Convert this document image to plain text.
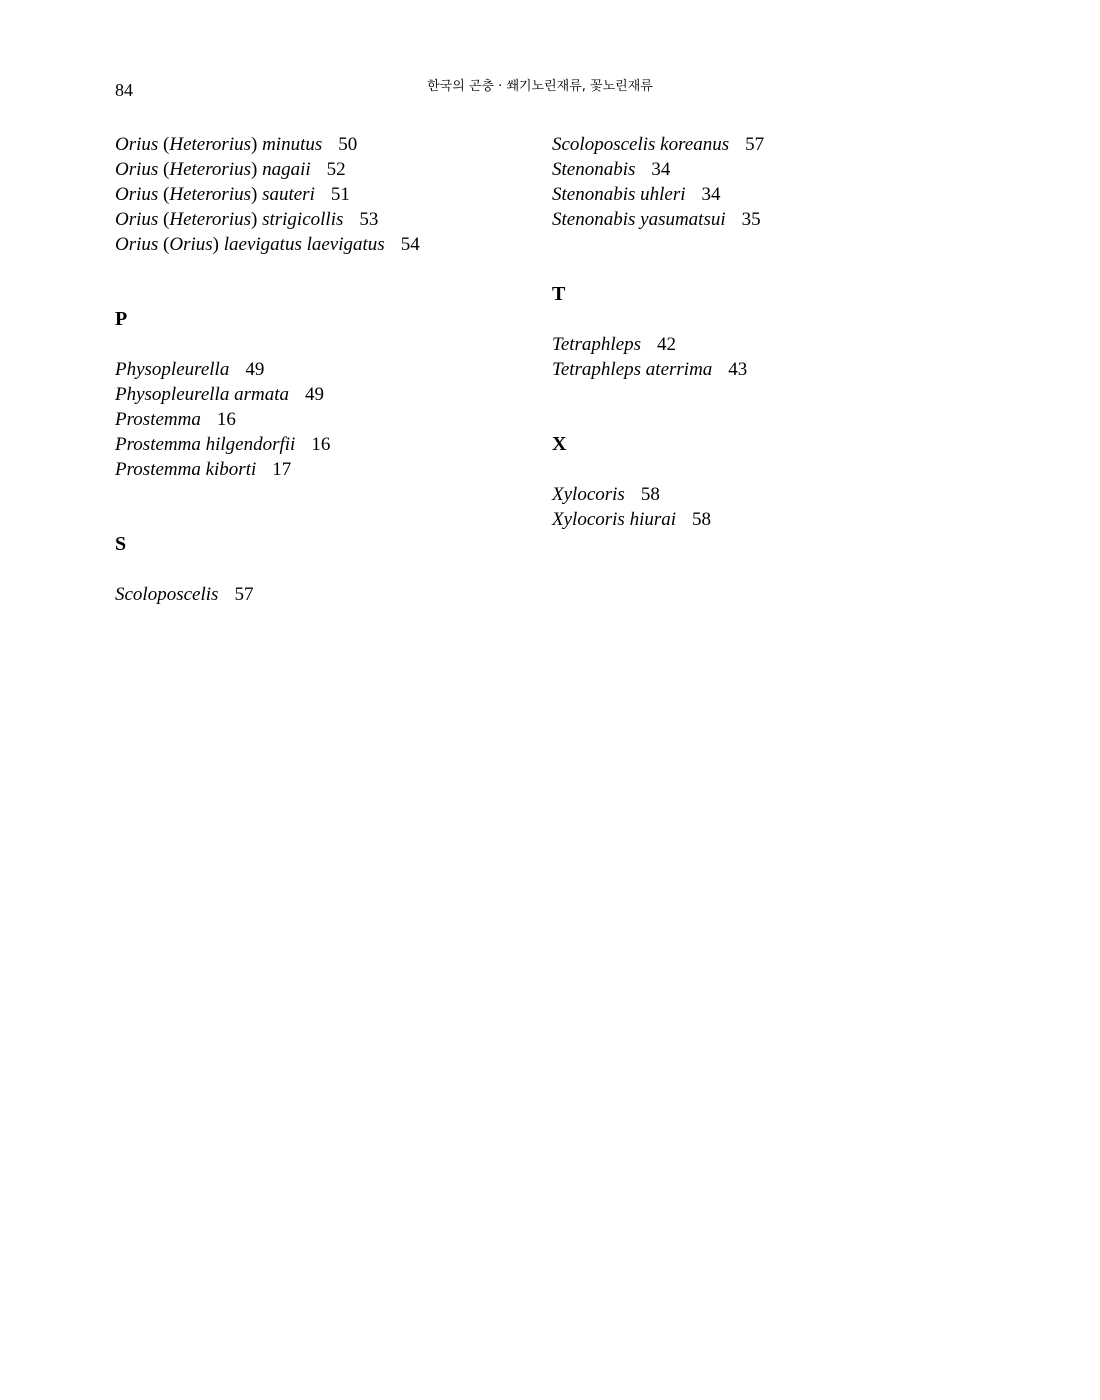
84	한국의 곤충 · 쐐기노린재류, 꽃노린재류
Orius (Heterorius) minutus 50
Orius (Heterorius) nagaii 52
Orius (Heterorius) sauteri 51
Orius (Heterorius) strigicollis 53
Orius (Orius) laevigatus laevigatus 54
P
Physopleurella 49
Physopleurella armata 49
Prostemma 16
Prostemma hilgendorfii 16
Prostemma kiborti 17
S
Scoloposcelis 57
Scoloposcelis koreanus 57
Stenonabis 34
Stenonabis uhleri 34
Stenonabis yasumatsui 35
T
Tetraphleps 42
Tetraphleps aterrima 43
X
Xylocoris 58
Xylocoris hiurai 58
